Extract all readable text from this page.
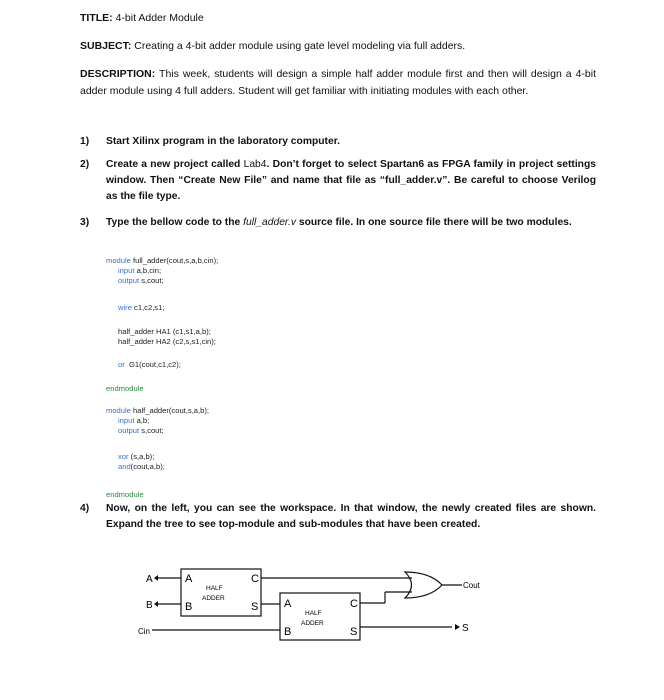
TITLE: 4-bit Adder Module
SUBJECT: Creating a 4-bit adder module using gate level modeling via full adders.
DESCRIPTION: This week, students will design a simple half adder module first and then will design a 4-bit adder module using 4 full adders. Student will get familiar with initiating modules with each other.
1) Start Xilinx program in the laboratory computer.
2) Create a new project called Lab4. Don’t forget to select Spartan6 as FPGA family in project settings window. Then “Create New File” and name that file as “full_adder.v”. Be careful to choose Verilog as the file type.
3) Type the bellow code to the full_adder.v source file. In one source file there will be two modules.
module full_adder(cout,s,a,b,cin);
input a,b,cin;
output s,cout;
wire c1,c2,s1;
half_adder HA1 (c1,s1,a,b);
half_adder HA2 (c2,s,s1,cin);
or  G1(cout,c1,c2);
endmodule
module half_adder(cout,s,a,b);
input a,b;
output s,cout;
xor (s,a,b);
and(cout,a,b);
endmodule
4) Now, on the left, you can see the workspace. In that window, the newly created files are shown. Expand the tree to see top-module and sub-modules that have been created.
A
B
Cin
A
B
C
S
HALF
ADDER	A
B
C
S
HALF
ADDER
Cout
S
